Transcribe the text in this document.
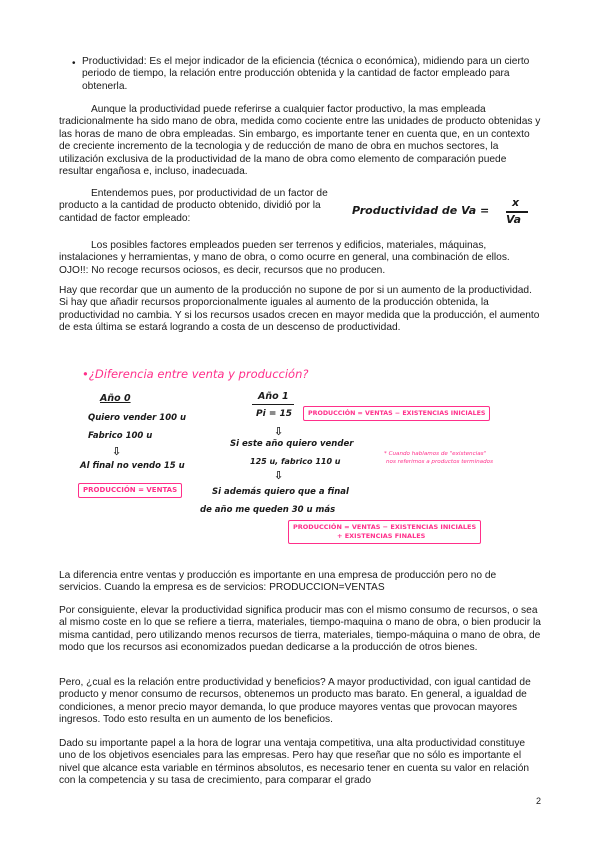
• Productividad: Es el mejor indicador de la eficiencia (técnica o económica), midiendo para un cierto periodo de tiempo, la relación entre producción obtenida y la cantidad de factor empleado para obtenerla.

Aunque la productividad puede referirse a cualquier factor productivo, la mas empleada tradicionalmente ha sido mano de obra, medida como cociente entre las unidades de producto obtenidas y las horas de mano de obra empleadas. Sin embargo, es importante tener en cuenta que, en un contexto de creciente incremento de la tecnologia y de reducción de mano de obra en muchos sectores, la utilización exclusiva de la productividad de la mano de obra como elemento de comparación puede resultar engañosa e, incluso, inadecuada.

Entendemos pues, por productividad de un factor de producto a la cantidad de producto obtenido, dividió por la cantidad de factor empleado:

Productividad de Va =
x
Va

Los posibles factores empleados pueden ser terrenos y edificios, materiales, máquinas, instalaciones y herramientas, y mano de obra, o como ocurre en general, una combinación de ellos. OJO!!: No recoge recursos ociosos, es decir, recursos que no producen.

Hay que recordar que un aumento de la producción no supone de por si un aumento de la productividad. Si hay que añadir recursos proporcionalmente iguales al aumento de la producción obtenida, la productividad no cambia. Y si los recursos usados crecen en mayor medida que la producción, el aumento de esta última se estará logrando a costa de un descenso de productividad.

•¿Diferencia entre venta y producción?
Año 0
Quiero vender 100 u
Fabrico 100 u
⇩
Al final no vendo 15 u
PRODUCCIÓN = VENTAS
Año 1
Pi = 15	PRODUCCIÓN = VENTAS − EXISTENCIAS INICIALES
⇩
Si este año quiero vender
125 u, fabrico 110 u
⇩
Si además quiero que a final
de año me queden 30 u más
PRODUCCIÓN = VENTAS − EXISTENCIAS INICIALES
+ EXISTENCIAS FINALES
* Cuando hablamos de "existencias"
nos referimos a productos terminados

La diferencia entre ventas y producción es importante en una empresa de producción pero no de servicios. Cuando la empresa es de servicios: PRODUCCION=VENTAS

Por consiguiente, elevar la productividad significa producir mas con el mismo consumo de recursos, o sea al mismo coste en lo que se refiere a tierra, materiales, tiempo-maquina o mano de obra, o bien producir la misma cantidad, pero utilizando menos recursos de tierra, materiales, tiempo-máquina o mano de obra, de modo que los recursos asi economizados puedan dedicarse a la producción de otros bienes.

Pero, ¿cual es la relación entre productividad y beneficios? A mayor productividad, con igual cantidad de producto y menor consumo de recursos, obtenemos un producto mas barato. En general, a igualdad de condiciones, a menor precio mayor demanda, lo que produce mayores ventas que provocan mayores ingresos. Todo esto resulta en un aumento de los beneficios.

Dado su importante papel a la hora de lograr una ventaja competitiva, una alta productividad constituye uno de los objetivos esenciales para las empresas. Pero hay que reseñar que no sólo es importante el nivel que alcance esta variable en términos absolutos, es necesario tener en cuenta su valor en relación con la competencia y su tasa de crecimiento, para comparar el grado

2
